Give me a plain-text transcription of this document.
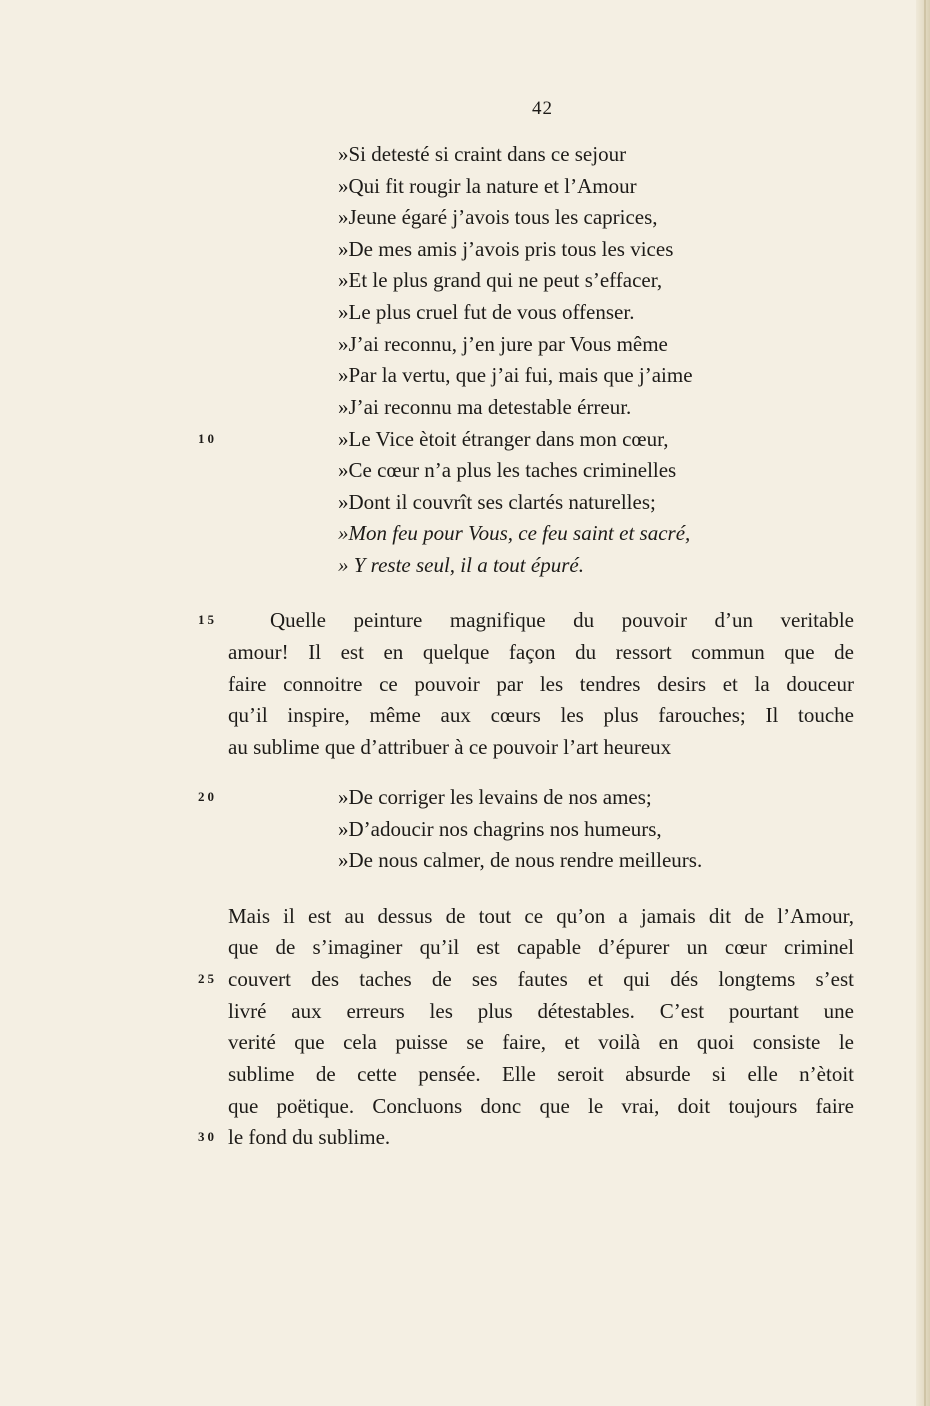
42
»Si detesté si craint dans ce sejour
»Qui fit rougir la nature et l’Amour
»Jeune égaré j’avois tous les caprices,
»De mes amis j’avois pris tous les vices
»Et le plus grand qui ne peut s’effacer,
»Le plus cruel fut de vous offenser.
»J’ai reconnu, j’en jure par Vous même
»Par la vertu, que j’ai fui, mais que j’aime
»J’ai reconnu ma detestable érreur.
»Le Vice ètoit étranger dans mon cœur,
»Ce cœur n’a plus les taches criminelles
»Dont il couvrît ses clartés naturelles;
»Mon feu pour Vous, ce feu saint et sacré,
» Y reste seul, il a tout épuré.
10
15	Quelle peinture magnifique du pouvoir d’un veritable
amour! Il est en quelque façon du ressort commun que de
faire connoitre ce pouvoir par les tendres desirs et la douceur
qu’il inspire, même aux cœurs les plus farouches; Il touche
au sublime que d’attribuer à ce pouvoir l’art heureux
20	»De corriger les levains de nos ames;
»D’adoucir nos chagrins nos humeurs,
»De nous calmer, de nous rendre meilleurs.
Mais il est au dessus de tout ce qu’on a jamais dit de l’Amour,
que de s’imaginer qu’il est capable d’épurer un cœur criminel
25 couvert des taches de ses fautes et qui dés longtems s’est
livré aux erreurs les plus détestables. C’est pourtant une
verité que cela puisse se faire, et voilà en quoi consiste le
sublime de cette pensée. Elle seroit absurde si elle n’ètoit
que poëtique. Concluons donc que le vrai, doit toujours faire
30 le fond du sublime.
